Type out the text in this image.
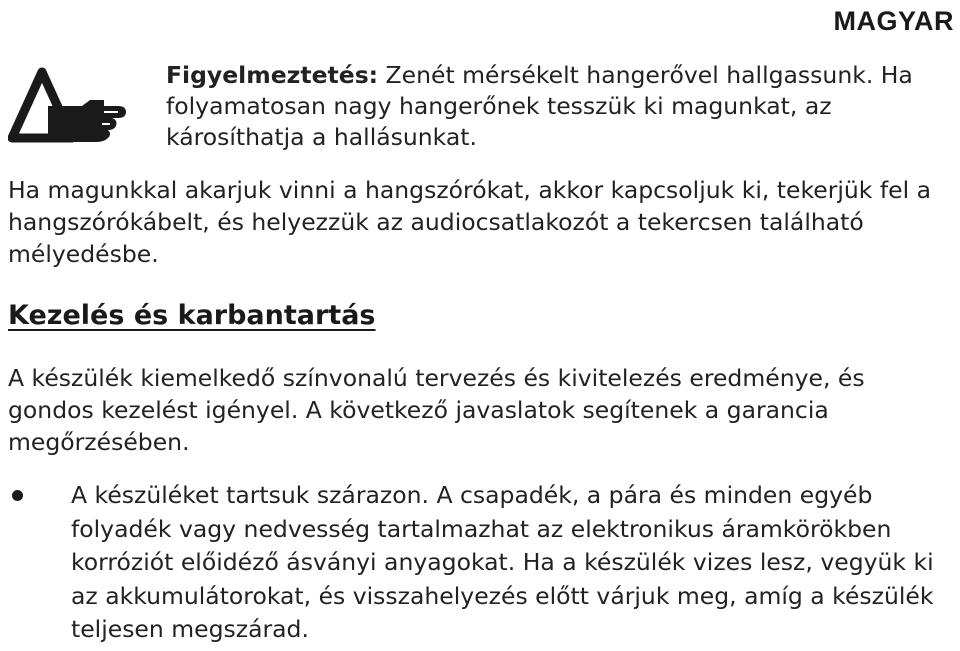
MAGYAR
Figyelmeztetés: Zenét mérsékelt hangerővel hallgassunk. Ha folyamatosan nagy hangerőnek tesszük ki magunkat, az károsíthatja a hallásunkat.
Ha magunkkal akarjuk vinni a hangszórókat, akkor kapcsoljuk ki, tekerjük fel a hangszórókábelt, és helyezzük az audiocsatlakozót a tekercsen található mélyedésbe.
Kezelés és karbantartás
A készülék kiemelkedő színvonalú tervezés és kivitelezés eredménye, és gondos kezelést igényel. A következő javaslatok segítenek a garancia megőrzésében.
A készüléket tartsuk szárazon. A csapadék, a pára és minden egyéb folyadék vagy nedvesség tartalmazhat az elektronikus áramkörökben korróziót előidéző ásványi anyagokat. Ha a készülék vizes lesz, vegyük ki az akkumulátorokat, és visszahelyezés előtt várjuk meg, amíg a készülék teljesen megszárad.
